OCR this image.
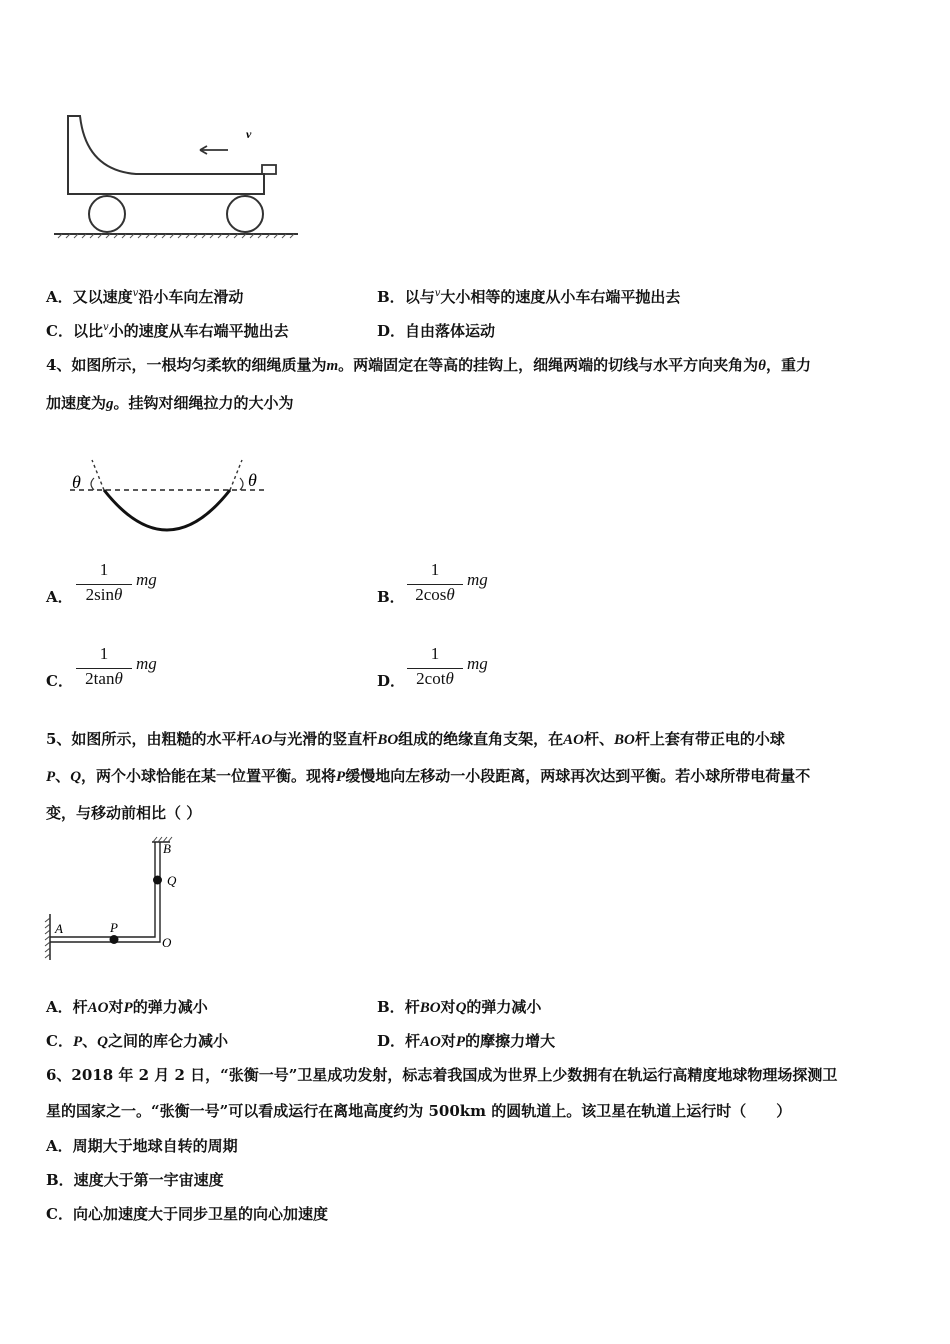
v
A．又以速度$^v$沿小车向左滑动	B．以与$^v$大小相等的速度从小车右端平抛出去
C．以比$^v$小的速度从车右端平抛出去	D．自由落体运动
4、如图所示，一根均匀柔软的细绳质量为m。两端固定在等高的挂钩上，细绳两端的切线与水平方向夹角为θ，重力
加速度为g。挂钩对细绳拉力的大小为
θ	θ
A．
1
2sinθ
mg
B．
1
2cosθ
mg
C．
1
2tanθ
mg
D．
1
2cotθ
mg
5、如图所示，由粗糙的水平杆AO与光滑的竖直杆BO组成的绝缘直角支架，在AO杆、BO杆上套有带正电的小球
P、Q，两个小球恰能在某一位置平衡。现将P缓慢地向左移动一小段距离，两球再次达到平衡。若小球所带电荷量不
变，与移动前相比（ ）
B
Q
A	P
O
A．杆AO对P的弹力减小	B．杆BO对Q的弹力减小
C．P、Q之间的库仑力减小	D．杆AO对P的摩擦力增大
6、2018 年 2 月 2 日，“张衡一号”卫星成功发射，标志着我国成为世界上少数拥有在轨运行高精度地球物理场探测卫
星的国家之一。“张衡一号”可以看成运行在离地高度约为 500km 的圆轨道上。该卫星在轨道上运行时（　　）
A．周期大于地球自转的周期
B．速度大于第一宇宙速度
C．向心加速度大于同步卫星的向心加速度
